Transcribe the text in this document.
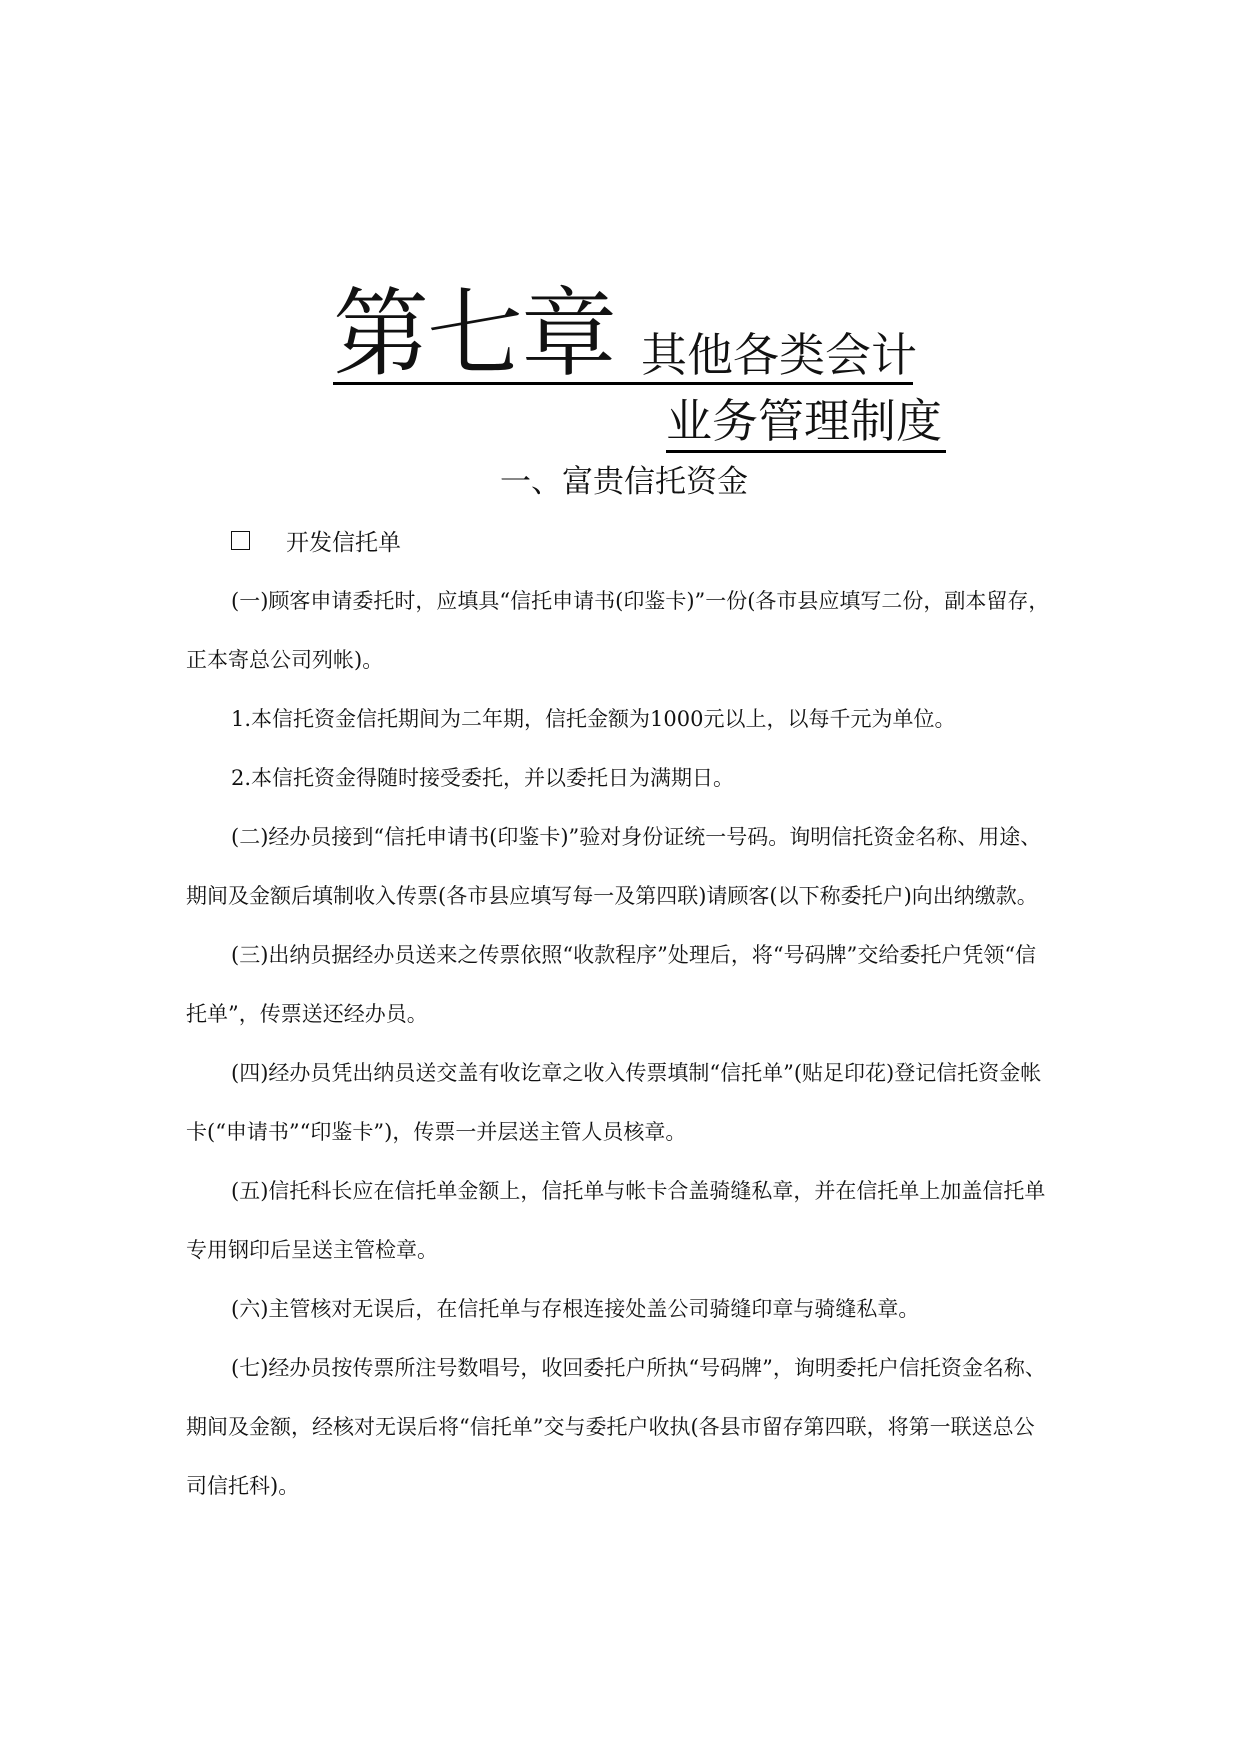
第七章 其他各类会计
业务管理制度
一、富贵信托资金
开发信托单

(一)顾客申请委托时，应填具“信托申请书(印鉴卡)”一份(各市县应填写二份，副本留存，正本寄总公司列帐)。

1.本信托资金信托期间为二年期，信托金额为1000元以上，以每千元为单位。

2.本信托资金得随时接受委托，并以委托日为满期日。

(二)经办员接到“信托申请书(印鉴卡)”验对身份证统一号码。询明信托资金名称、用途、期间及金额后填制收入传票(各市县应填写每一及第四联)请顾客(以下称委托户)向出纳缴款。

(三)出纳员据经办员送来之传票依照“收款程序”处理后，将“号码牌”交给委托户凭领“信托单”，传票送还经办员。

(四)经办员凭出纳员送交盖有收讫章之收入传票填制“信托单”(贴足印花)登记信托资金帐卡(“申请书”“印鉴卡”)，传票一并层送主管人员核章。

(五)信托科长应在信托单金额上，信托单与帐卡合盖骑缝私章，并在信托单上加盖信托单专用钢印后呈送主管检章。

(六)主管核对无误后，在信托单与存根连接处盖公司骑缝印章与骑缝私章。

(七)经办员按传票所注号数唱号，收回委托户所执“号码牌”，询明委托户信托资金名称、期间及金额，经核对无误后将“信托单”交与委托户收执(各县市留存第四联，将第一联送总公司信托科)。
